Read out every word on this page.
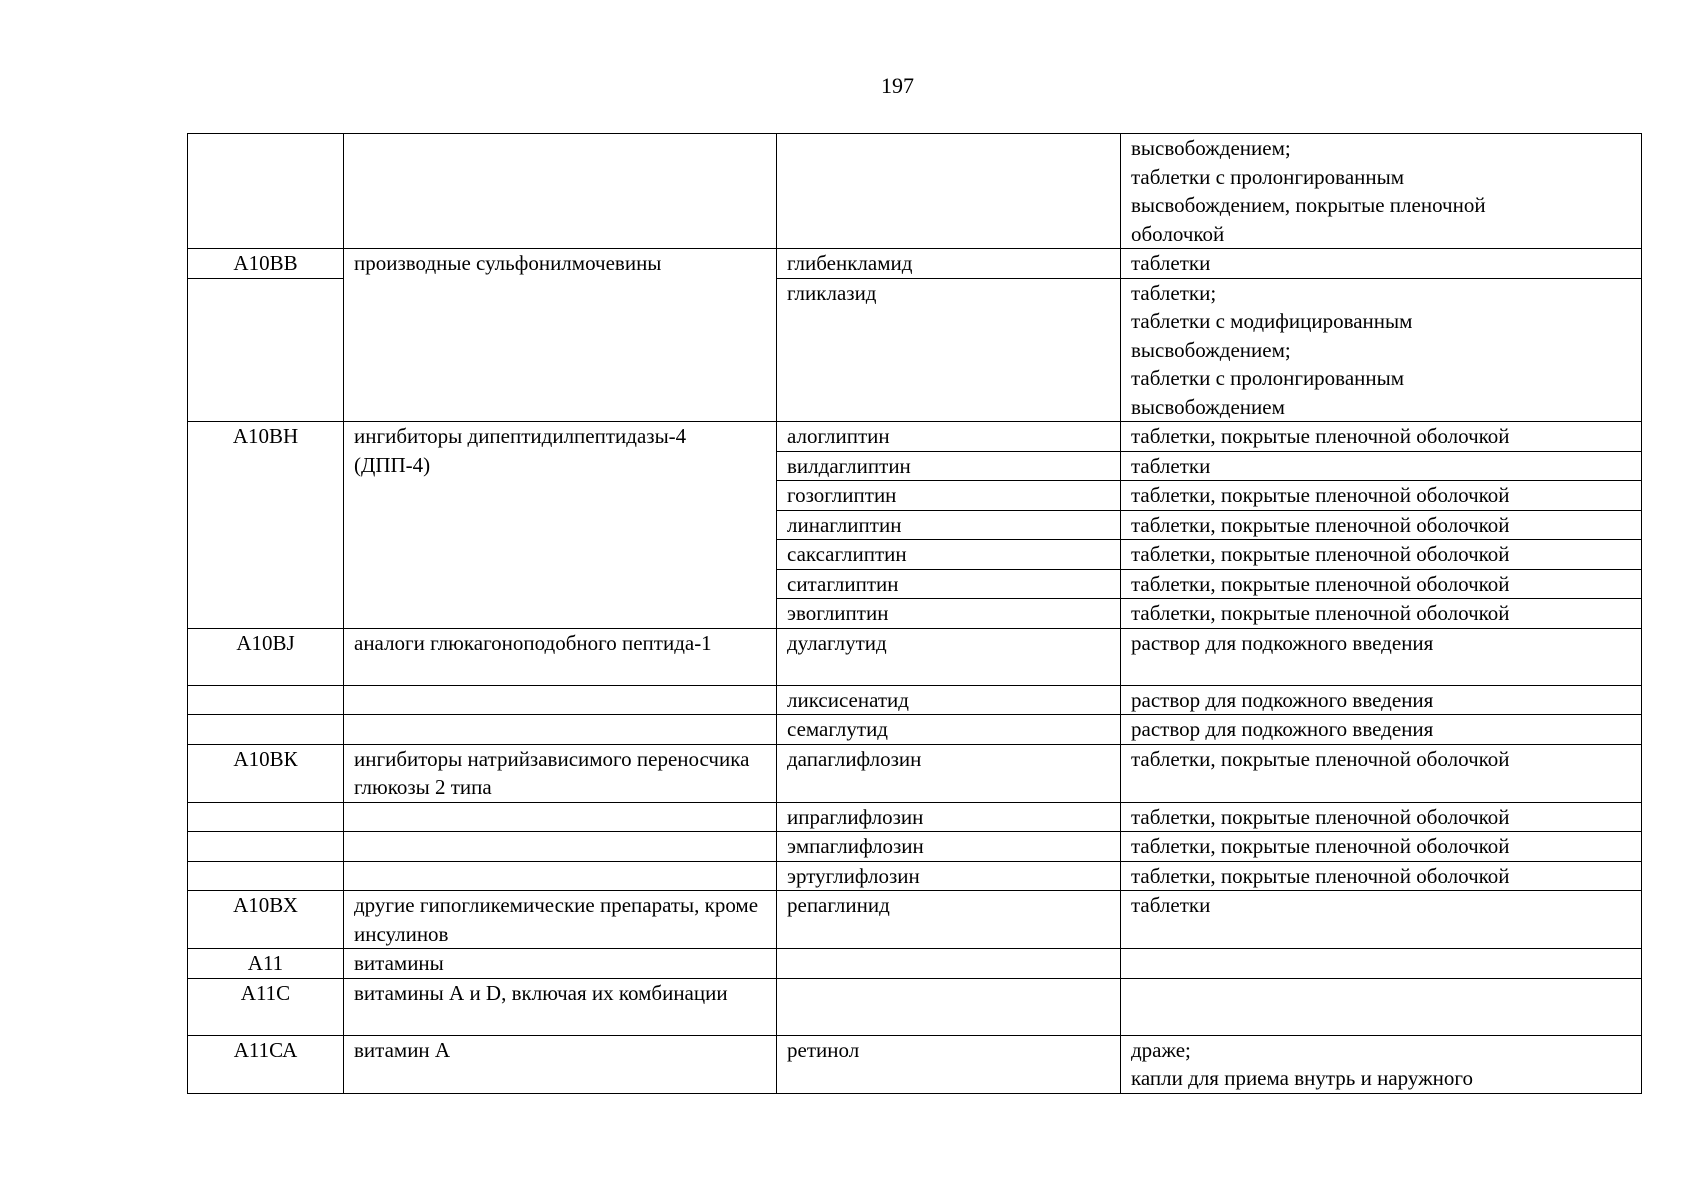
197

			высвобождением;
таблетки с пролонгированным
высвобождением, покрытые пленочной
оболочкой

А10ВВ	производные сульфонилмочевины	глибенкламид	таблетки

		гликлазид	таблетки;
таблетки с модифицированным
высвобождением;
таблетки с пролонгированным
высвобождением

А10ВН	ингибиторы дипептидилпептидазы-4 (ДПП-4)	алоглиптин	таблетки, покрытые пленочной оболочкой

		вилдаглиптин	таблетки

		гозоглиптин	таблетки, покрытые пленочной оболочкой

		линаглиптин	таблетки, покрытые пленочной оболочкой

		саксаглиптин	таблетки, покрытые пленочной оболочкой

		ситаглиптин	таблетки, покрытые пленочной оболочкой

		эвоглиптин	таблетки, покрытые пленочной оболочкой

А10ВJ	аналоги глюкагоноподобного пептида-1	дулаглутид	раствор для подкожного введения

		ликсисенатид	раствор для подкожного введения

		семаглутид	раствор для подкожного введения

А10ВК	ингибиторы натрийзависимого переносчика глюкозы 2 типа	дапаглифлозин	таблетки, покрытые пленочной оболочкой

		ипраглифлозин	таблетки, покрытые пленочной оболочкой

		эмпаглифлозин	таблетки, покрытые пленочной оболочкой

		эртуглифлозин	таблетки, покрытые пленочной оболочкой

А10ВХ	другие гипогликемические препараты, кроме инсулинов	репаглинид	таблетки

А11	витамины		

А11С	витамины А и D, включая их комбинации		

А11СА	витамин А	ретинол	драже;
капли для приема внутрь и наружного
